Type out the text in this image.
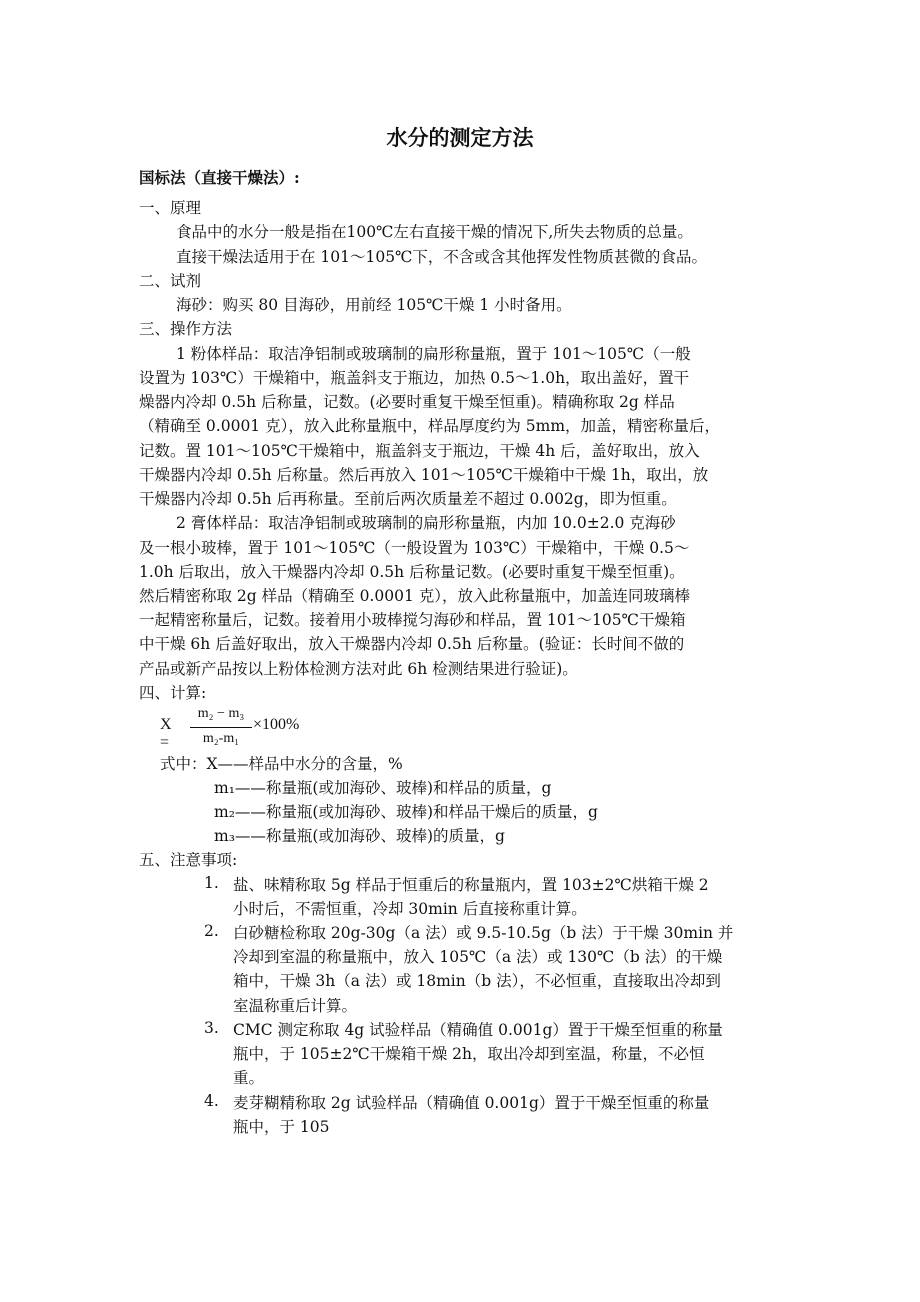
水分的测定方法
国标法（直接干燥法）:
一、原理
食品中的水分一般是指在100℃左右直接干燥的情况下,所失去物质的总量。
直接干燥法适用于在 101～105℃下，不含或含其他挥发性物质甚微的食品。
二、试剂
海砂：购买 80 目海砂，用前经 105℃干燥 1 小时备用。
三、操作方法
1 粉体样品：取洁净铝制或玻璃制的扁形称量瓶，置于 101～105℃（一般
设置为 103℃）干燥箱中，瓶盖斜支于瓶边，加热 0.5～1.0h，取出盖好，置干
燥器内冷却 0.5h 后称量，记数。(必要时重复干燥至恒重)。精确称取 2g 样品
（精确至 0.0001 克），放入此称量瓶中，样品厚度约为 5mm，加盖，精密称量后，
记数。置 101～105℃干燥箱中，瓶盖斜支于瓶边，干燥 4h 后，盖好取出，放入
干燥器内冷却 0.5h 后称量。然后再放入 101～105℃干燥箱中干燥 1h，取出，放
干燥器内冷却 0.5h 后再称量。至前后两次质量差不超过 0.002g，即为恒重。
2 膏体样品：取洁净铝制或玻璃制的扁形称量瓶，内加 10.0±2.0 克海砂
及一根小玻棒，置于 101～105℃（一般设置为 103℃）干燥箱中，干燥 0.5～
1.0h 后取出，放入干燥器内冷却 0.5h 后称量记数。(必要时重复干燥至恒重)。
然后精密称取 2g 样品（精确至 0.0001 克），放入此称量瓶中，加盖连同玻璃棒
一起精密称量后，记数。接着用小玻棒搅匀海砂和样品，置 101～105℃干燥箱
中干燥 6h 后盖好取出，放入干燥器内冷却 0.5h 后称量。(验证：长时间不做的
产品或新产品按以上粉体检测方法对此 6h 检测结果进行验证)。
四、计算:
X =
m₂ − m₃
m₂-m₁
×100%
式中：X——样品中水分的含量，%
m₁——称量瓶(或加海砂、玻棒)和样品的质量，g
m₂——称量瓶(或加海砂、玻棒)和样品干燥后的质量，g
m₃——称量瓶(或加海砂、玻棒)的质量，g
五、注意事项:
1. 盐、味精称取 5g 样品于恒重后的称量瓶内，置 103±2℃烘箱干燥 2
小时后，不需恒重，冷却 30min 后直接称重计算。
2. 白砂糖检称取 20g-30g（a 法）或 9.5-10.5g（b 法）于干燥 30min 并
冷却到室温的称量瓶中，放入 105℃（a 法）或 130℃（b 法）的干燥
箱中，干燥 3h（a 法）或 18min（b 法），不必恒重，直接取出冷却到
室温称重后计算。
3. CMC 测定称取 4g 试验样品（精确值 0.001g）置于干燥至恒重的称量
瓶中，于 105±2℃干燥箱干燥 2h，取出冷却到室温，称量，不必恒
重。
4. 麦芽糊精称取 2g 试验样品（精确值 0.001g）置于干燥至恒重的称量
瓶中，于 105
